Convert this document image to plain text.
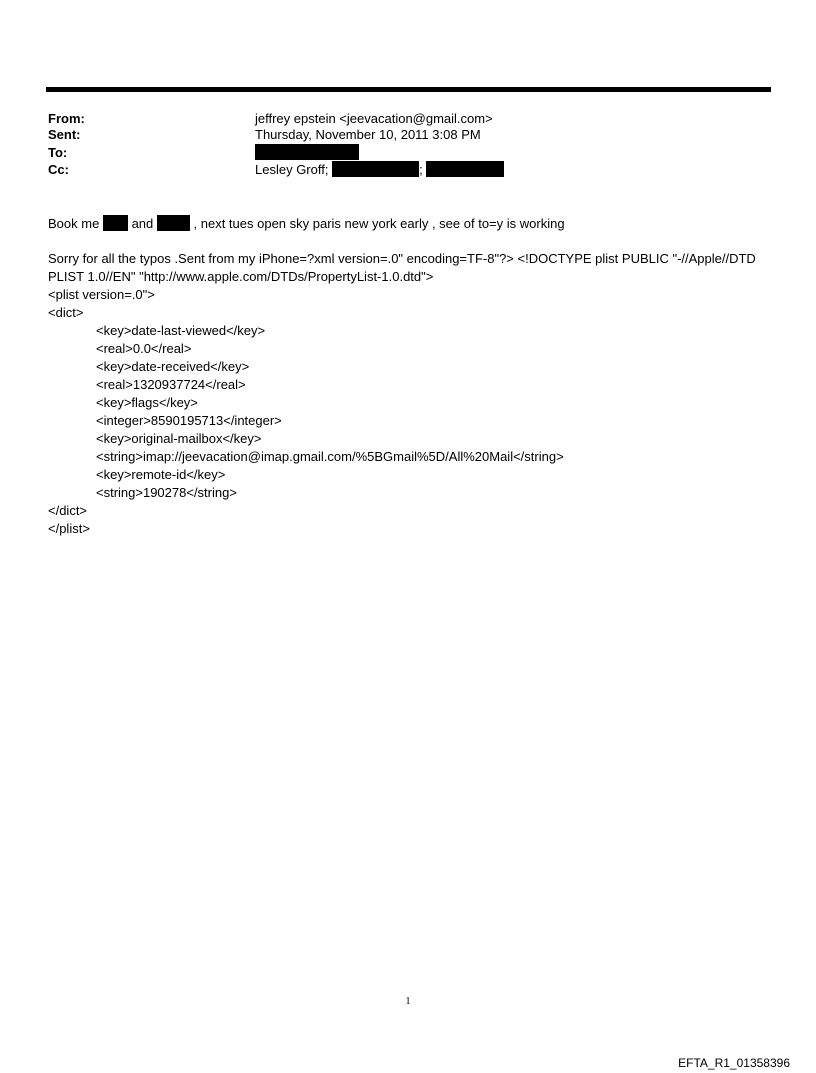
From:	jeffrey epstein <jeevacation@gmail.com>
Sent:	Thursday, November 10, 2011 3:08 PM
To:
Cc:	Lesley Groff;	;
Book me and	, next tues open sky paris new york early , see of to=y is working
Sorry for all the typos .Sent from my iPhone=?xml version=.0" encoding=TF-8"?> <!DOCTYPE plist PUBLIC "-//Apple//DTD
PLIST 1.0//EN" "http://www.apple.com/DTDs/PropertyList-1.0.dtd">
<plist version=.0">
<dict>
<key>date-last-viewed</key>
<real>0.0</real>
<key>date-received</key>
<real>1320937724</real>
<key>flags</key>
<integer>8590195713</integer>
<key>original-mailbox</key>
<string>imap://jeevacation@imap.gmail.com/%5BGmail%5D/All%20Mail</string>
<key>remote-id</key>
<string>190278</string>
</dict>
</plist>
1
EFTA_R1_01358396
